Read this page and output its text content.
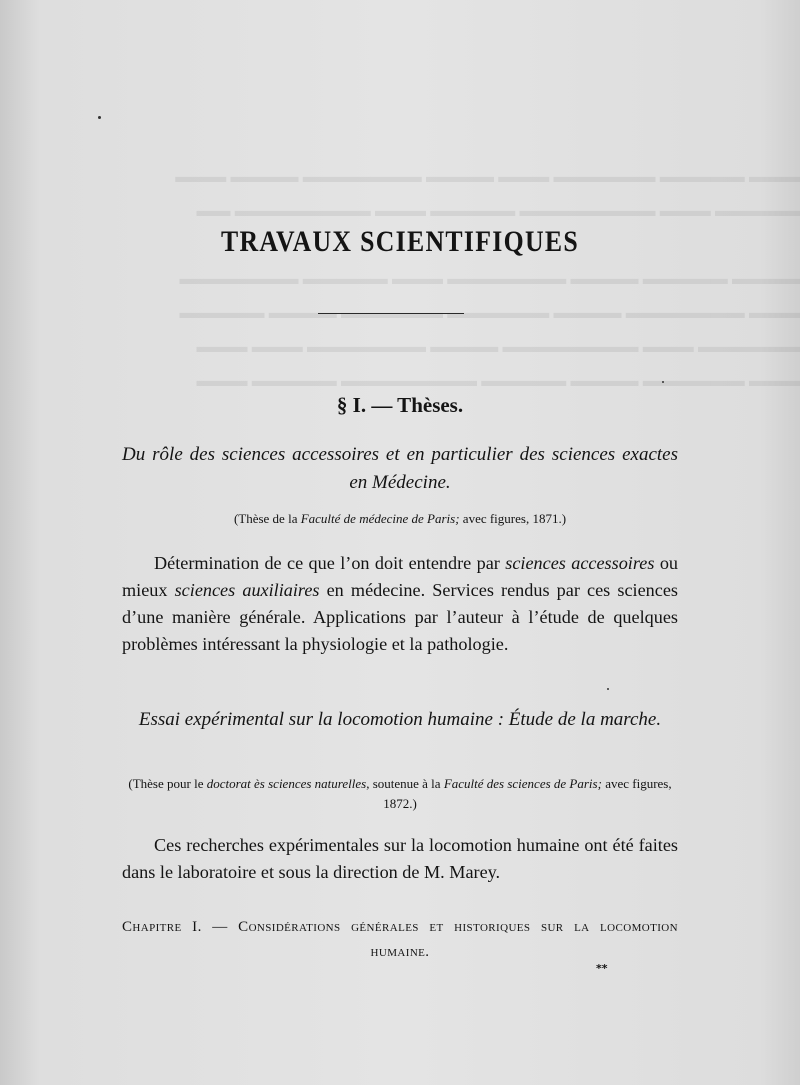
▬▬▬ ▬▬▬▬▬ ▬▬▬▬▬▬ ▬▬▬ ▬▬▬▬ ▬▬▬▬▬▬▬ ▬▬▬▬ ▬▬▬
▬▬▬▬▬ ▬▬▬ ▬▬▬▬▬▬▬▬ ▬▬▬▬▬ ▬▬▬ ▬▬▬▬▬▬▬▬ ▬▬

▬▬▬▬ ▬▬▬▬▬ ▬▬▬▬ ▬▬▬▬▬▬▬ ▬▬▬ ▬▬▬▬▬ ▬▬▬▬▬▬▬
▬▬▬ ▬▬▬▬▬▬▬ ▬▬▬▬ ▬▬▬▬▬▬ ▬▬▬▬▬▬ ▬▬▬▬ ▬▬▬▬▬
▬▬▬▬▬▬ ▬▬▬ ▬▬▬▬▬▬▬▬ ▬▬▬▬ ▬▬▬▬▬▬▬ ▬▬▬ ▬▬▬
▬▬▬ ▬▬▬▬▬▬ ▬▬▬▬ ▬▬▬▬▬ ▬▬▬▬▬▬▬▬ ▬▬▬▬▬ ▬▬▬
TRAVAUX SCIENTIFIQUES
§ I. — Thèses.
Du rôle des sciences accessoires et en particulier des sciences exactes en Médecine.
(Thèse de la Faculté de médecine de Paris; avec figures, 1871.)
Détermination de ce que l’on doit entendre par sciences accessoires ou mieux sciences auxiliaires en médecine. Services rendus par ces sciences d’une manière générale. Applications par l’auteur à l’étude de quelques problèmes intéressant la physiologie et la pathologie.
Essai expérimental sur la locomotion humaine : Étude de la marche.
(Thèse pour le doctorat ès sciences naturelles, soutenue à la Faculté des sciences de Paris; avec figures, 1872.)
Ces recherches expérimentales sur la locomotion humaine ont été faites dans le laboratoire et sous la direction de M. Marey.
Chapitre I. — Considérations générales et historiques sur la locomotion humaine.
**
